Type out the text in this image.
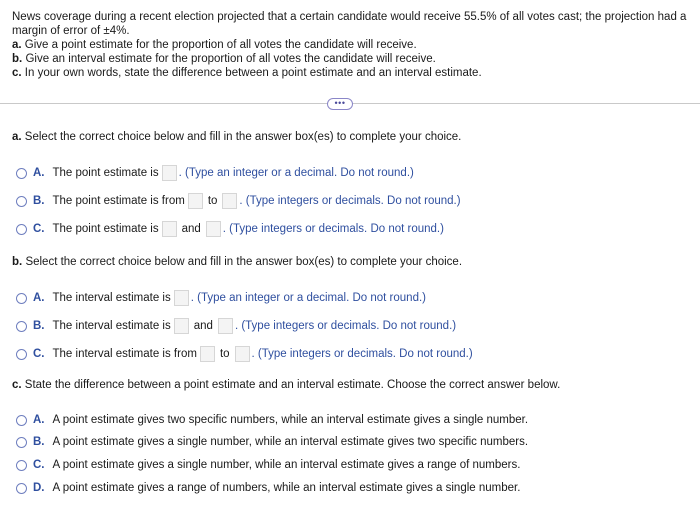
News coverage during a recent election projected that a certain candidate would receive 55.5% of all votes cast; the projection had a margin of error of ±4%.

a. Give a point estimate for the proportion of all votes the candidate will receive.

b. Give an interval estimate for the proportion of all votes the candidate will receive.

c. In your own words, state the difference between a point estimate and an interval estimate.

•••
a. Select the correct choice below and fill in the answer box(es) to complete your choice.
A. The point estimate is . (Type an integer or a decimal. Do not round.)
B. The point estimate is from to . (Type integers or decimals. Do not round.)
C. The point estimate is and . (Type integers or decimals. Do not round.)
b. Select the correct choice below and fill in the answer box(es) to complete your choice.
A. The interval estimate is . (Type an integer or a decimal. Do not round.)
B. The interval estimate is and . (Type integers or decimals. Do not round.)
C. The interval estimate is from to . (Type integers or decimals. Do not round.)
c. State the difference between a point estimate and an interval estimate. Choose the correct answer below.
A. A point estimate gives two specific numbers, while an interval estimate gives a single number.
B. A point estimate gives a single number, while an interval estimate gives two specific numbers.
C. A point estimate gives a single number, while an interval estimate gives a range of numbers.
D. A point estimate gives a range of numbers, while an interval estimate gives a single number.
